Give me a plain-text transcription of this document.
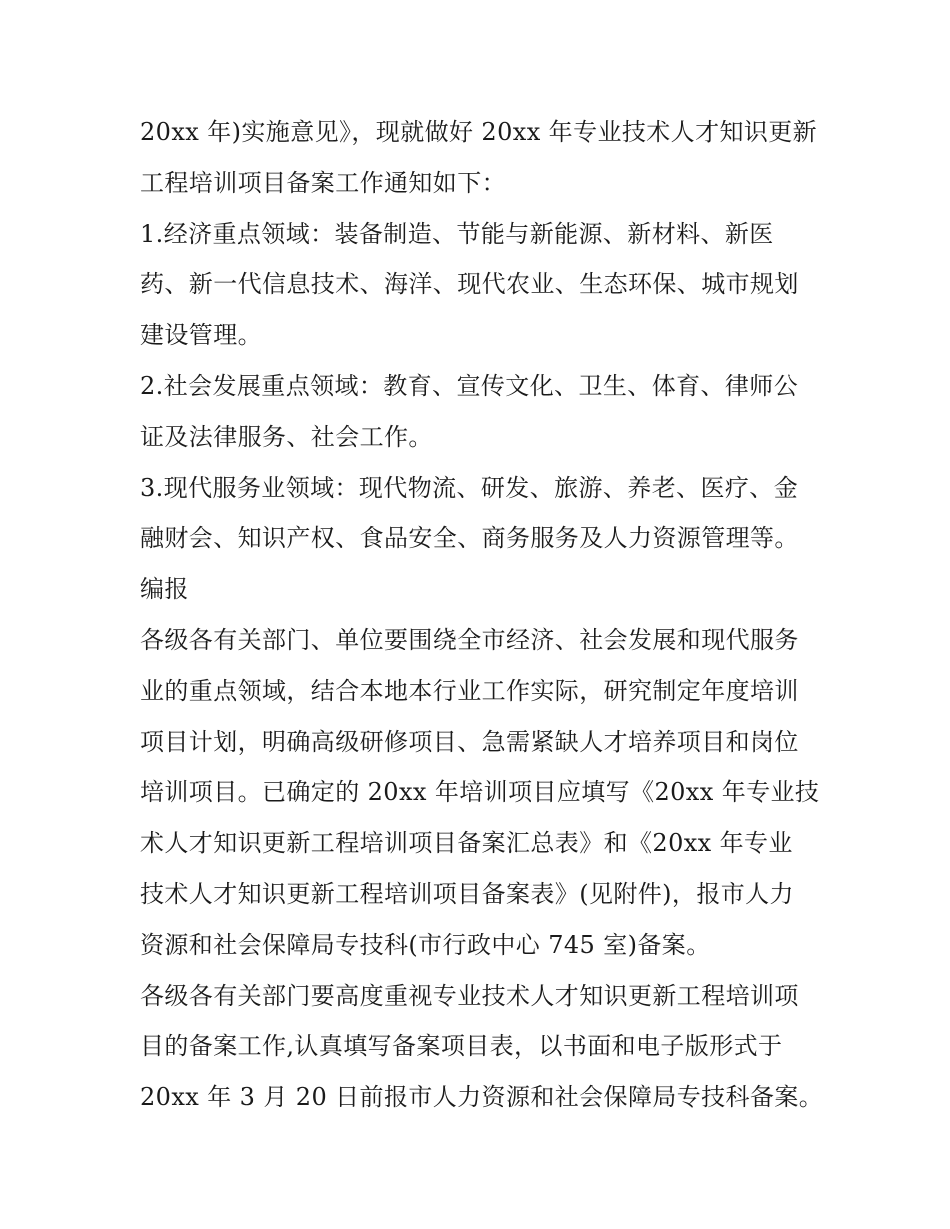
20xx 年)实施意见》，现就做好 20xx 年专业技术人才知识更新
工程培训项目备案工作通知如下：
1.经济重点领域：装备制造、节能与新能源、新材料、新医
药、新一代信息技术、海洋、现代农业、生态环保、城市规划
建设管理。
2.社会发展重点领域：教育、宣传文化、卫生、体育、律师公
证及法律服务、社会工作。
3.现代服务业领域：现代物流、研发、旅游、养老、医疗、金
融财会、知识产权、食品安全、商务服务及人力资源管理等。
编报
各级各有关部门、单位要围绕全市经济、社会发展和现代服务
业的重点领域，结合本地本行业工作实际，研究制定年度培训
项目计划，明确高级研修项目、急需紧缺人才培养项目和岗位
培训项目。已确定的 20xx 年培训项目应填写《20xx 年专业技
术人才知识更新工程培训项目备案汇总表》和《20xx 年专业
技术人才知识更新工程培训项目备案表》(见附件)，报市人力
资源和社会保障局专技科(市行政中心 745 室)备案。
各级各有关部门要高度重视专业技术人才知识更新工程培训项
目的备案工作,认真填写备案项目表，以书面和电子版形式于
20xx 年 3 月 20 日前报市人力资源和社会保障局专技科备案。
